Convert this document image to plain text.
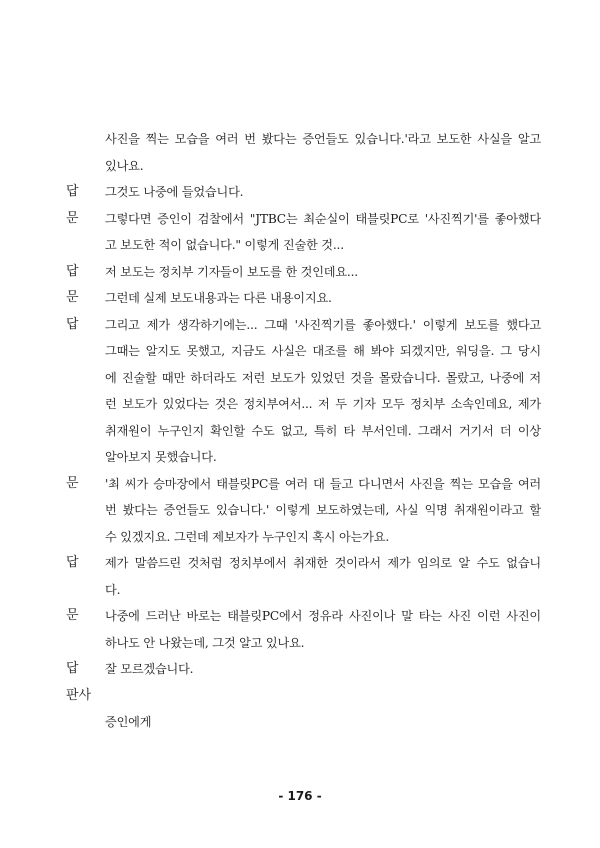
사진을 찍는 모습을 여러 번 봤다는 증언들도 있습니다.'라고 보도한 사실을 알고
있나요.
답 그것도 나중에 들었습니다.
문 그렇다면 증인이 검찰에서 "JTBC는 최순실이 태블릿PC로 '사진찍기'를 좋아했다
고 보도한 적이 없습니다." 이렇게 진술한 것...
답 저 보도는 정치부 기자들이 보도를 한 것인데요...
문 그런데 실제 보도내용과는 다른 내용이지요.
답 그리고 제가 생각하기에는... 그때 '사진찍기를 좋아했다.' 이렇게 보도를 했다고
그때는 알지도 못했고, 지금도 사실은 대조를 해 봐야 되겠지만, 워딩을. 그 당시
에 진술할 때만 하더라도 저런 보도가 있었던 것을 몰랐습니다. 몰랐고, 나중에 저
런 보도가 있었다는 것은 정치부여서... 저 두 기자 모두 정치부 소속인데요, 제가
취재원이 누구인지 확인할 수도 없고, 특히 타 부서인데. 그래서 거기서 더 이상
알아보지 못했습니다.
문 '최 씨가 승마장에서 태블릿PC를 여러 대 들고 다니면서 사진을 찍는 모습을 여러
번 봤다는 증언들도 있습니다.' 이렇게 보도하였는데, 사실 익명 취재원이라고 할
수 있겠지요. 그런데 제보자가 누구인지 혹시 아는가요.
답 제가 말씀드린 것처럼 정치부에서 취재한 것이라서 제가 임의로 알 수도 없습니
다.
문 나중에 드러난 바로는 태블릿PC에서 정유라 사진이나 말 타는 사진 이런 사진이
하나도 안 나왔는데, 그것 알고 있나요.
답 잘 모르겠습니다.
판사
증인에게
- 176 -
